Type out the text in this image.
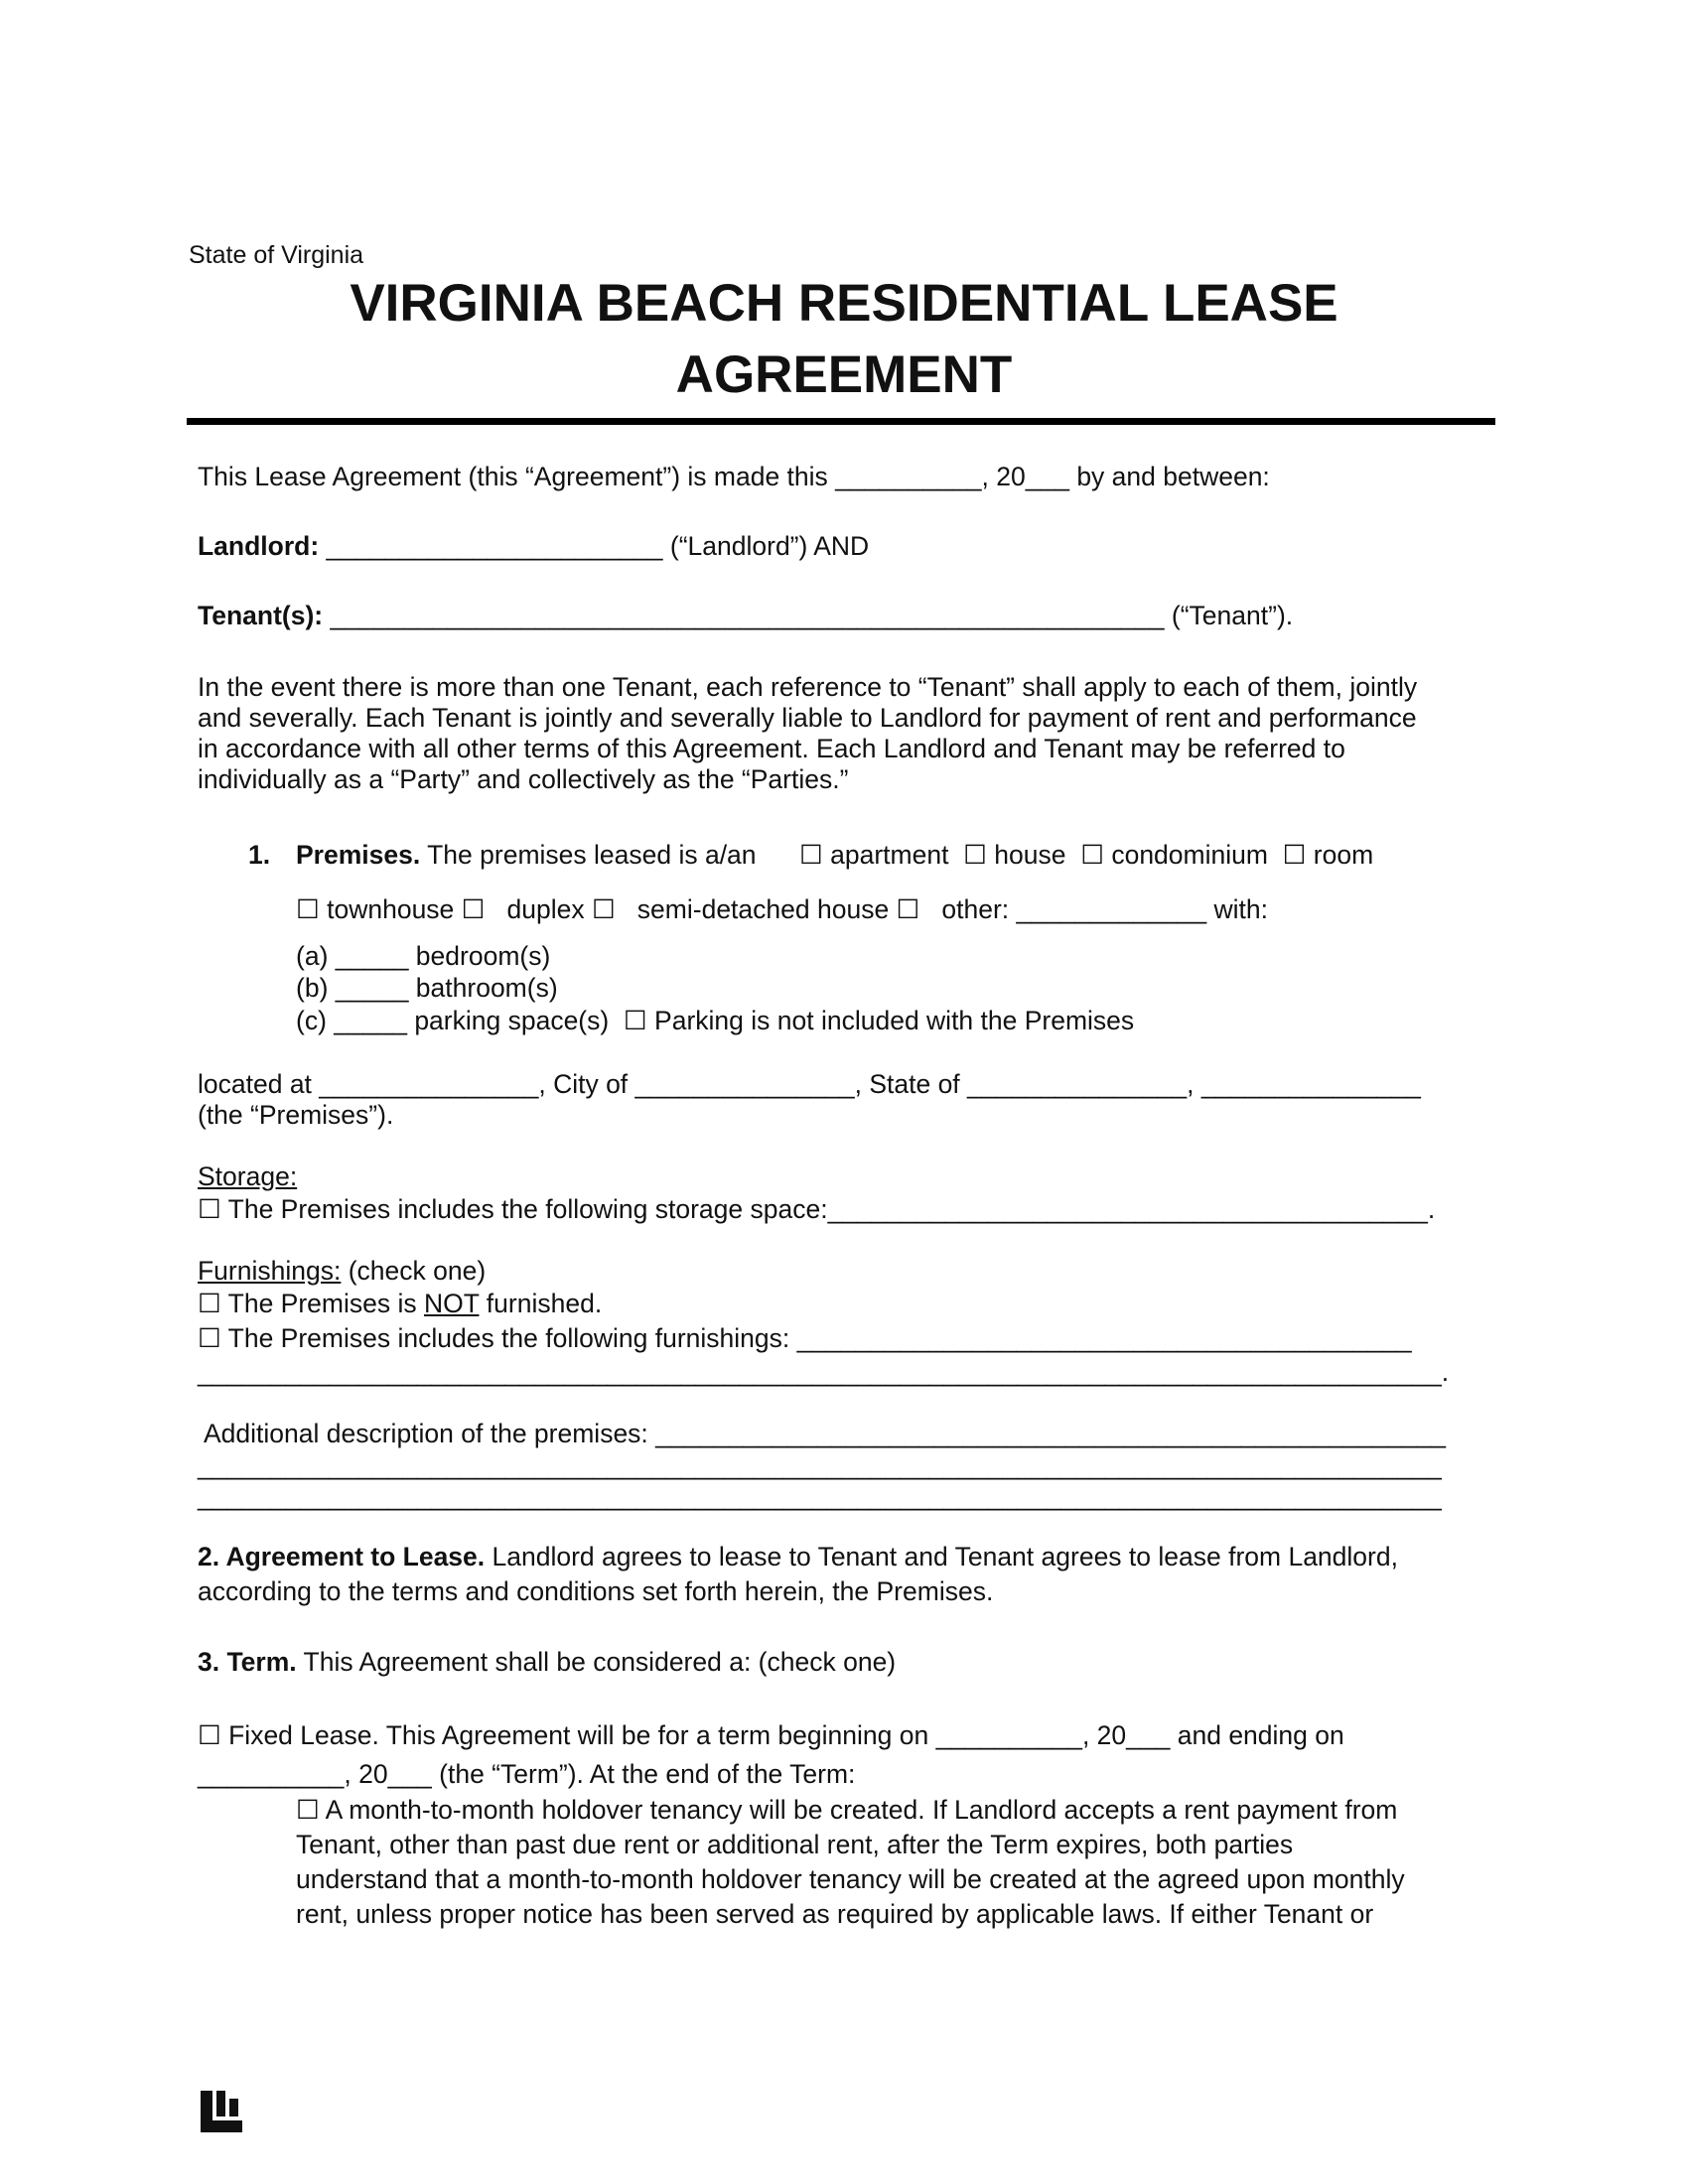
State of Virginia
VIRGINIA BEACH RESIDENTIAL LEASE
AGREEMENT
This Lease Agreement (this “Agreement”) is made this __________, 20___ by and between:
Landlord: _______________________ (“Landlord”) AND
Tenant(s): _________________________________________________________ (“Tenant”).
In the event there is more than one Tenant, each reference to “Tenant” shall apply to each of them, jointly
and severally. Each Tenant is jointly and severally liable to Landlord for payment of rent and performance
in accordance with all other terms of this Agreement. Each Landlord and Tenant may be referred to
individually as a “Party” and collectively as the “Parties.”
1. Premises. The premises leased is a/an ☐ apartment  ☐ house  ☐ condominium  ☐ room
☐ townhouse ☐   duplex ☐   semi-detached house ☐   other: _____________ with:
(a) _____ bedroom(s)
(b) _____ bathroom(s)
(c) _____ parking space(s)  ☐ Parking is not included with the Premises
located at _______________, City of _______________, State of _______________, _______________
(the “Premises”).
Storage:
☐ The Premises includes the following storage space:_________________________________________.
Furnishings: (check one)
☐ The Premises is NOT furnished.
☐ The Premises includes the following furnishings: __________________________________________
_____________________________________________________________________________________.
Additional description of the premises: ______________________________________________________
_____________________________________________________________________________________
_____________________________________________________________________________________
2. Agreement to Lease. Landlord agrees to lease to Tenant and Tenant agrees to lease from Landlord,
according to the terms and conditions set forth herein, the Premises.
3. Term. This Agreement shall be considered a: (check one)
☐ Fixed Lease. This Agreement will be for a term beginning on __________, 20___ and ending on
__________, 20___ (the “Term”). At the end of the Term:
☐ A month-to-month holdover tenancy will be created. If Landlord accepts a rent payment from
Tenant, other than past due rent or additional rent, after the Term expires, both parties
understand that a month-to-month holdover tenancy will be created at the agreed upon monthly
rent, unless proper notice has been served as required by applicable laws. If either Tenant or
